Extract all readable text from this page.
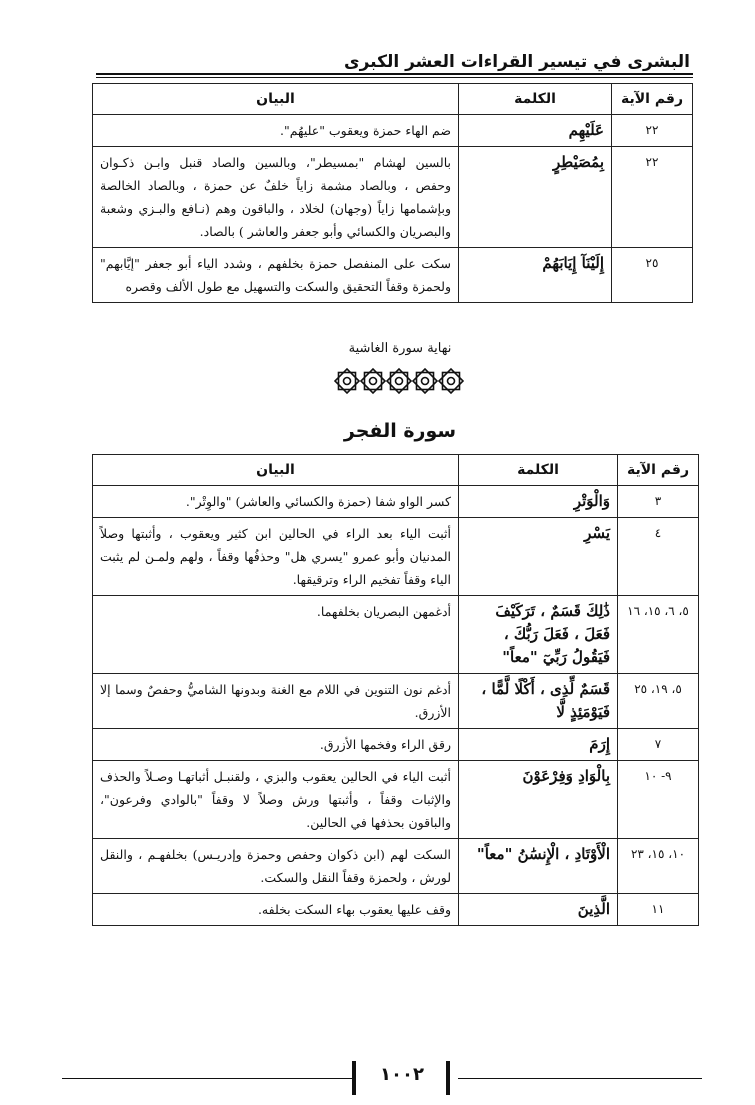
البشرى في تيسير القراءات العشر الكبرى
رقم الآية	الكلمة	البيان
٢٢	عَلَيْهِم	ضم الهاء حمزة ويعقوب "عليهُم".
٢٢	بِمُصَيْطِرٍ	بالسين لهشام "بمسيطر"، وبالسين والصاد قنبل وابـن ذكـوان وحفص ، وبالصاد مشمة زاياً خلفٌ عن حمزة ، وبالصاد الخالصة وبإشمامها زاياً (وجهان) لخلاد ، والباقون وهم (نـافع والبـزي وشعبة والبصريان والكسائي وأبو جعفر والعاشر ) بالصاد.
٢٥	إِلَيْنَآ إِيَابَهُمْ	سكت على المنفصل حمزة بخلفهم ، وشدد الياء أبو جعفر "إيَّابهم" ولحمزة وقفاً التحقيق والسكت والتسهيل مع طول الألف وقصره
نهاية سورة الغاشية
سورة الفجر
رقم الآية	الكلمة	البيان
٣	وَالْوَتْرِ	كسر الواو شفا (حمزة والكسائي والعاشر) "والوِتْر".
٤	يَسْرِ	أثبت الياء بعد الراء في الحالين ابن كثير ويعقوب ، وأثبتها وصلاً المدنيان وأبو عمرو "يسري هل" وحذفُها وقفاً ، ولهم ولمـن لم يثبت الياء وقفاً تفخيم الراء وترقيقها.
٥، ٦، ١٥، ١٦	ذَٰلِكَ قَسَمٌ ، تَرَكَيْفَ فَعَلَ ، فَعَلَ رَبُّكَ ، فَيَقُولُ رَبِّيٓ "معاً"	أدغمهن البصريان بخلفهما.
٥، ١٩، ٢٥	قَسَمٌ لِّذِى ، أَكْلًا لَّمًّا ، فَيَوْمَئِذٍ لَّا	أدغم نون التنوين في اللام مع الغنة وبدونها الشاميُّ وحفصٌ وسما إلا الأزرق.
٧	إِرَمَ	رقق الراء وفخمها الأزرق.
٩- ١٠	بِالْوَادِ وَفِرْعَوْنَ	أثبت الياء في الحالين يعقوب والبزي ، ولقنبـل أثباتهـا وصـلاً والحذف والإثبات وقفاً ، وأثبتها ورش وصلاً لا وقفاً "بالوادي وفرعون"، والباقون بحذفها في الحالين.
١٠، ١٥، ٢٣	الْأَوْتَادِ ، الْإِنسَٰنُ "معاً"	السكت لهم (ابن ذكوان وحفص وحمزة وإدريـس) بخلفهـم ، والنقل لورش ، ولحمزة وقفاً النقل والسكت.
١١	الَّذِينَ	وقف عليها يعقوب بهاء السكت بخلفه.
١٠٠٢
